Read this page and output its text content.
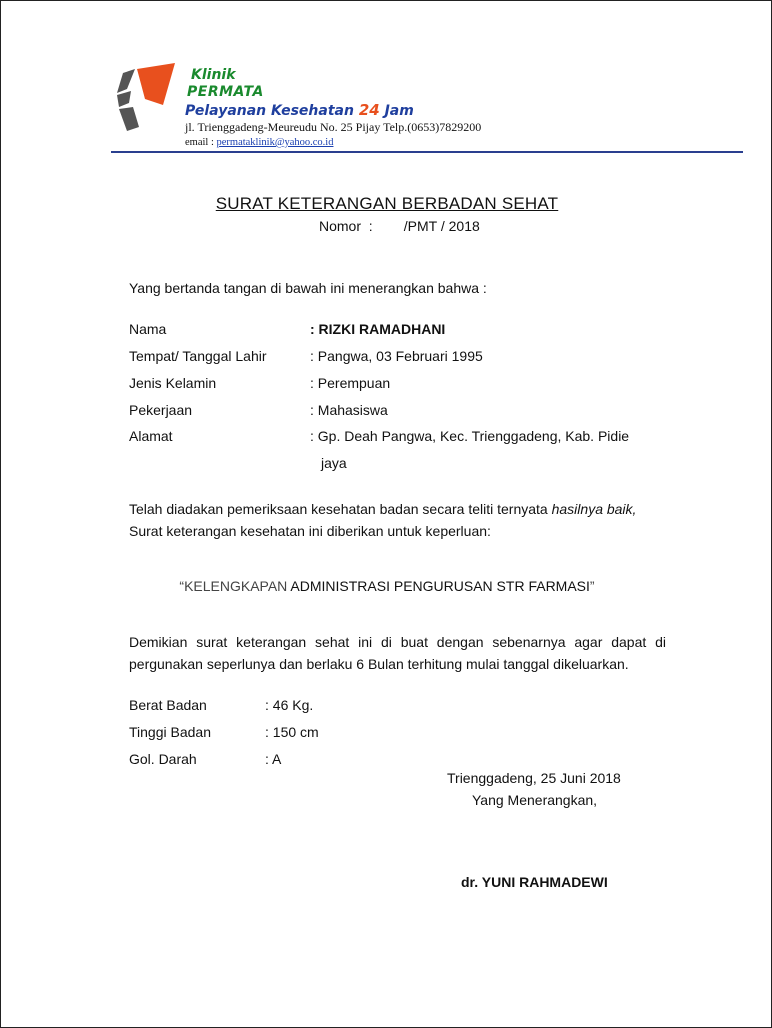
Klinik
PERMATA
Pelayanan Kesehatan 24 Jam
jl. Trienggadeng-Meureudu No. 25 Pijay Telp.(0653)7829200
email : permataklinik@yahoo.co.id
SURAT KETERANGAN BERBADAN SEHAT
Nomor  :        /PMT / 2018
Yang bertanda tangan di bawah ini menerangkan bahwa :
Nama	: RIZKI RAMADHANI
Tempat/ Tanggal Lahir	: Pangwa, 03 Februari 1995
Jenis Kelamin	: Perempuan
Pekerjaan	: Mahasiswa
Alamat	: Gp. Deah Pangwa, Kec. Trienggadeng, Kab. Pidie
jaya
Telah diadakan pemeriksaan kesehatan badan secara teliti ternyata hasilnya baik,
Surat keterangan kesehatan ini diberikan untuk keperluan:
“KELENGKAPAN ADMINISTRASI PENGURUSAN STR FARMASI”
Demikian surat keterangan sehat ini di buat dengan sebenarnya agar dapat di
pergunakan seperlunya dan berlaku 6 Bulan terhitung mulai tanggal dikeluarkan.
Berat Badan	: 46 Kg.
Tinggi Badan	: 150 cm
Gol. Darah	: A
Trienggadeng, 25 Juni 2018
Yang Menerangkan,
dr. YUNI RAHMADEWI
